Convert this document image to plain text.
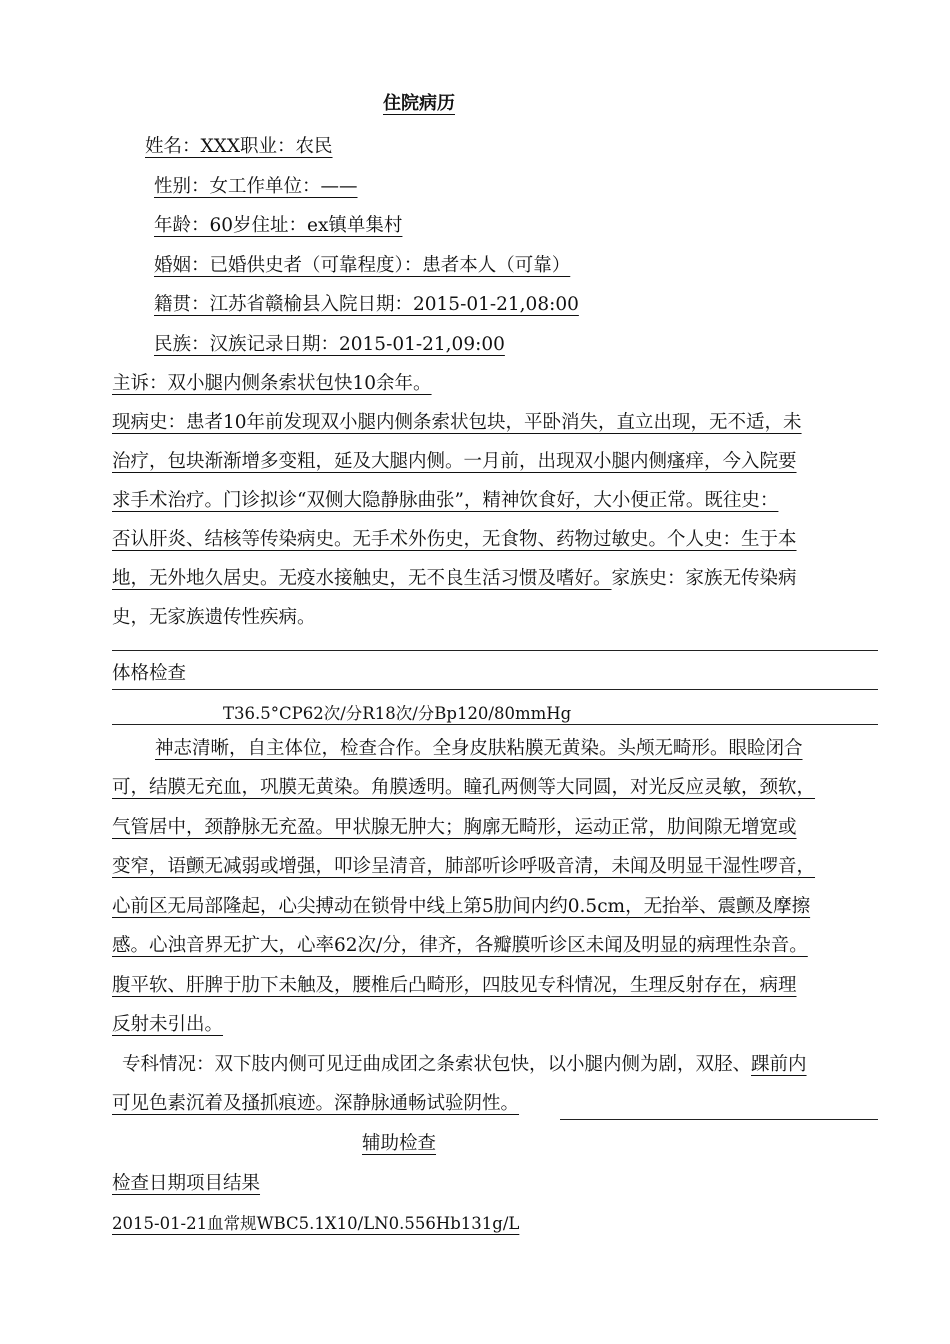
住院病历
姓名：XXX职业：农民
性别：女工作单位：——
年龄：60岁住址：ex镇单集村
婚姻：已婚供史者（可靠程度）：患者本人（可靠）
籍贯：江苏省赣榆县入院日期：2015-01-21,08:00
民族：汉族记录日期：2015-01-21,09:00
主诉：双小腿内侧条索状包快10余年。
现病史：患者10年前发现双小腿内侧条索状包块，平卧消失，直立出现，无不适，未
治疗，包块渐渐增多变粗，延及大腿内侧。一月前，出现双小腿内侧瘙痒，今入院要
求手术治疗。门诊拟诊“双侧大隐静脉曲张”，精神饮食好，大小便正常。既往史：
否认肝炎、结核等传染病史。无手术外伤史，无食物、药物过敏史。个人史：生于本
地，无外地久居史。无疫水接触史，无不良生活习惯及嗜好。家族史：家族无传染病
史，无家族遗传性疾病。
体格检查
T36.5°CP62次/分R18次/分Bp120/80mmHg
神志清晰，自主体位，检查合作。全身皮肤粘膜无黄染。头颅无畸形。眼睑闭合
可，结膜无充血，巩膜无黄染。角膜透明。瞳孔两侧等大同圆，对光反应灵敏，颈软，
气管居中，颈静脉无充盈。甲状腺无肿大；胸廓无畸形，运动正常，肋间隙无增宽或
变窄，语颤无减弱或增强，叩诊呈清音，肺部听诊呼吸音清，未闻及明显干湿性啰音，
心前区无局部隆起，心尖搏动在锁骨中线上第5肋间内约0.5cm，无抬举、震颤及摩擦
感。心浊音界无扩大，心率62次/分，律齐，各瓣膜听诊区未闻及明显的病理性杂音。
腹平软、肝脾于肋下未触及，腰椎后凸畸形，四肢见专科情况，生理反射存在，病理
反射未引出。
专科情况：双下肢内侧可见迂曲成团之条索状包快，以小腿内侧为剧，双胫、踝前内
可见色素沉着及搔抓痕迹。深静脉通畅试验阴性。
辅助检查
检查日期项目结果
2015-01-21血常规WBC5.1X10/LN0.556Hb131g/L
